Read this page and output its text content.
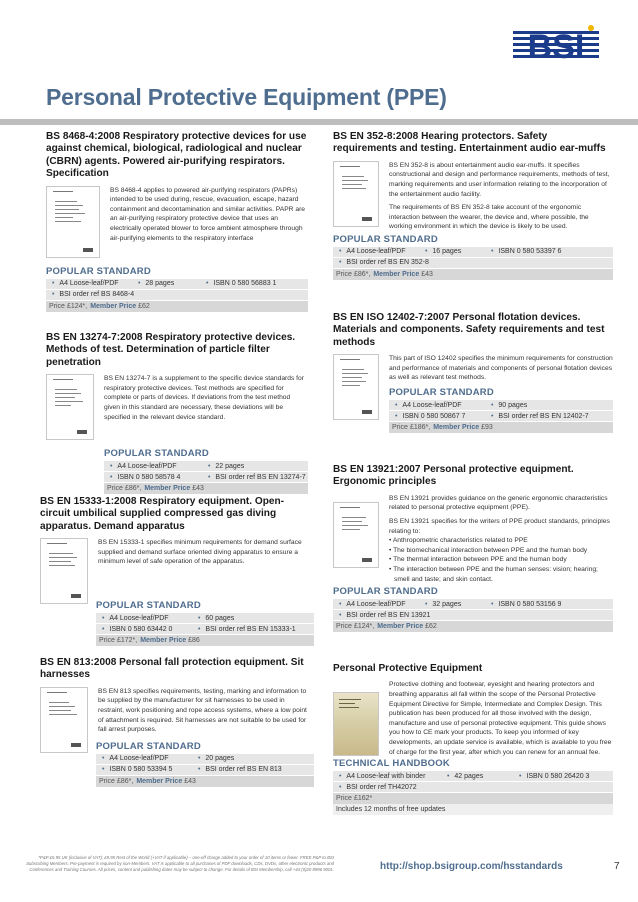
BSI
Personal Protective Equipment (PPE)
BS 8468-4:2008 Respiratory protective devices for use against chemical, biological, radiological and nuclear (CBRN) agents. Powered air-purifying respirators. Specification

BS 8468-4 applies to powered air-purifying respirators (PAPRs) intended to be used during, rescue, evacuation, escape, hazard containment and decontamination and similar activities. PAPR are an air-purifying respiratory protective device that uses an electrically operated blower to force ambient atmosphere through air-purifying elements to the respiratory interface

POPULAR STANDARD
• A4 Loose-leaf/PDF	• 28 pages	• ISBN 0 580 56883 1
• BSI order ref BS 8468-4
Price £124*, Member Price £62
BS EN 13274-7:2008 Respiratory protective devices. Methods of test. Determination of particle filter penetration

BS EN 13274-7 is a supplement to the specific device standards for respiratory protective devices. Test methods are specified for complete or parts of devices. If deviations from the test method given in this standard are necessary, these deviations will be specified in the relevant device standard.

POPULAR STANDARD
• A4 Loose-leaf/PDF	• 22 pages
• ISBN 0 580 58578 4	• BSI order ref BS EN 13274-7
Price £86*, Member Price £43
BS EN 15333-1:2008 Respiratory equipment. Open-circuit umbilical supplied compressed gas diving apparatus. Demand apparatus

BS EN 15333-1 specifies minimum requirements for demand surface supplied and demand surface oriented diving apparatus to ensure a minimum level of safe operation of the apparatus.

POPULAR STANDARD
• A4 Loose-leaf/PDF	• 60 pages
• ISBN 0 580 63442 0	• BSI order ref BS EN 15333-1
Price £172*, Member Price £86
BS EN 813:2008 Personal fall protection equipment. Sit harnesses

BS EN 813 specifies requirements, testing, marking and information to be supplied by the manufacturer for sit harnesses to be used in restraint, work positioning and rope access systems, where a low point of attachment is required. Sit harnesses are not suitable to be used for fall arrest purposes.

POPULAR STANDARD
• A4 Loose-leaf/PDF	• 20 pages
• ISBN 0 580 53394 5	• BSI order ref BS EN 813
Price £86*, Member Price £43
BS EN 352-8:2008 Hearing protectors. Safety requirements and testing. Entertainment audio ear-muffs

BS EN 352-8 is about entertainment audio ear-muffs. It specifies constructional and design and performance requirements, methods of test, marking requirements and user information relating to the incorporation of the entertainment audio facility.

The requirements of BS EN 352-8 take account of the ergonomic interaction between the wearer, the device and, where possible, the working environment in which the device is likely to be used.

POPULAR STANDARD
• A4 Loose-leaf/PDF	• 16 pages	• ISBN 0 580 53397 6
• BSI order ref BS EN 352-8
Price £86*, Member Price £43
BS EN ISO 12402-7:2007 Personal flotation devices. Materials and components. Safety requirements and test methods

This part of ISO 12402 specifies the minimum requirements for construction and performance of materials and components of personal flotation devices as well as relevant test methods.

POPULAR STANDARD
• A4 Loose-leaf/PDF	• 90 pages
• ISBN 0 580 50867 7	• BSI order ref BS EN 12402-7
Price £186*, Member Price £93
BS EN 13921:2007 Personal protective equipment. Ergonomic principles

BS EN 13921 provides guidance on the generic ergonomic characteristics related to personal protective equipment (PPE).

BS EN 13921 specifies for the writers of PPE product standards, principles relating to:

• Anthropometric characteristics related to PPE
• The biomechanical interaction between PPE and the human body
• The thermal interaction between PPE and the human body
• The interaction between PPE and the human senses: vision; hearing; smell and taste; and skin contact.

POPULAR STANDARD
• A4 Loose-leaf/PDF	• 32 pages	• ISBN 0 580 53156 9
• BSI order ref BS EN 13921
Price £124*, Member Price £62
Personal Protective Equipment

Protective clothing and footwear, eyesight and hearing protectors and breathing apparatus all fall within the scope of the Personal Protective Equipment Directive for Simple, Intermediate and Complex Design. This publication has been produced for all those involved with the design, manufacture and use of personal protective equipment. This guide shows you how to CE mark your products. To keep you informed of key developments, an update service is available, which is available to you free of charge for the first year, after which you can renew for an annual fee.

TECHNICAL HANDBOOK
• A4 Loose-leaf with binder	• 42 pages	• ISBN 0 580 26420 3
• BSI order ref TH42072
Price £162*
Includes 12 months of free updates
*P&P £5.95 UK (inclusive of VAT); £9.95 Rest of the World (+VAT if applicable) – one-off charge added to your order of 10 items or fewer. FREE P&P to BSI Subscribing Members. Pre-payment is required by non-Members. VAT is applicable to all purchases of PDF downloads, CDs, DVDs, other electronic products and Conferences and Training Courses. All prices, content and publishing dates may be subject to change. For details of BSI Membership, call +44 (0)20 8996 9001.	http://shop.bsigroup.com/hsstandards	7
